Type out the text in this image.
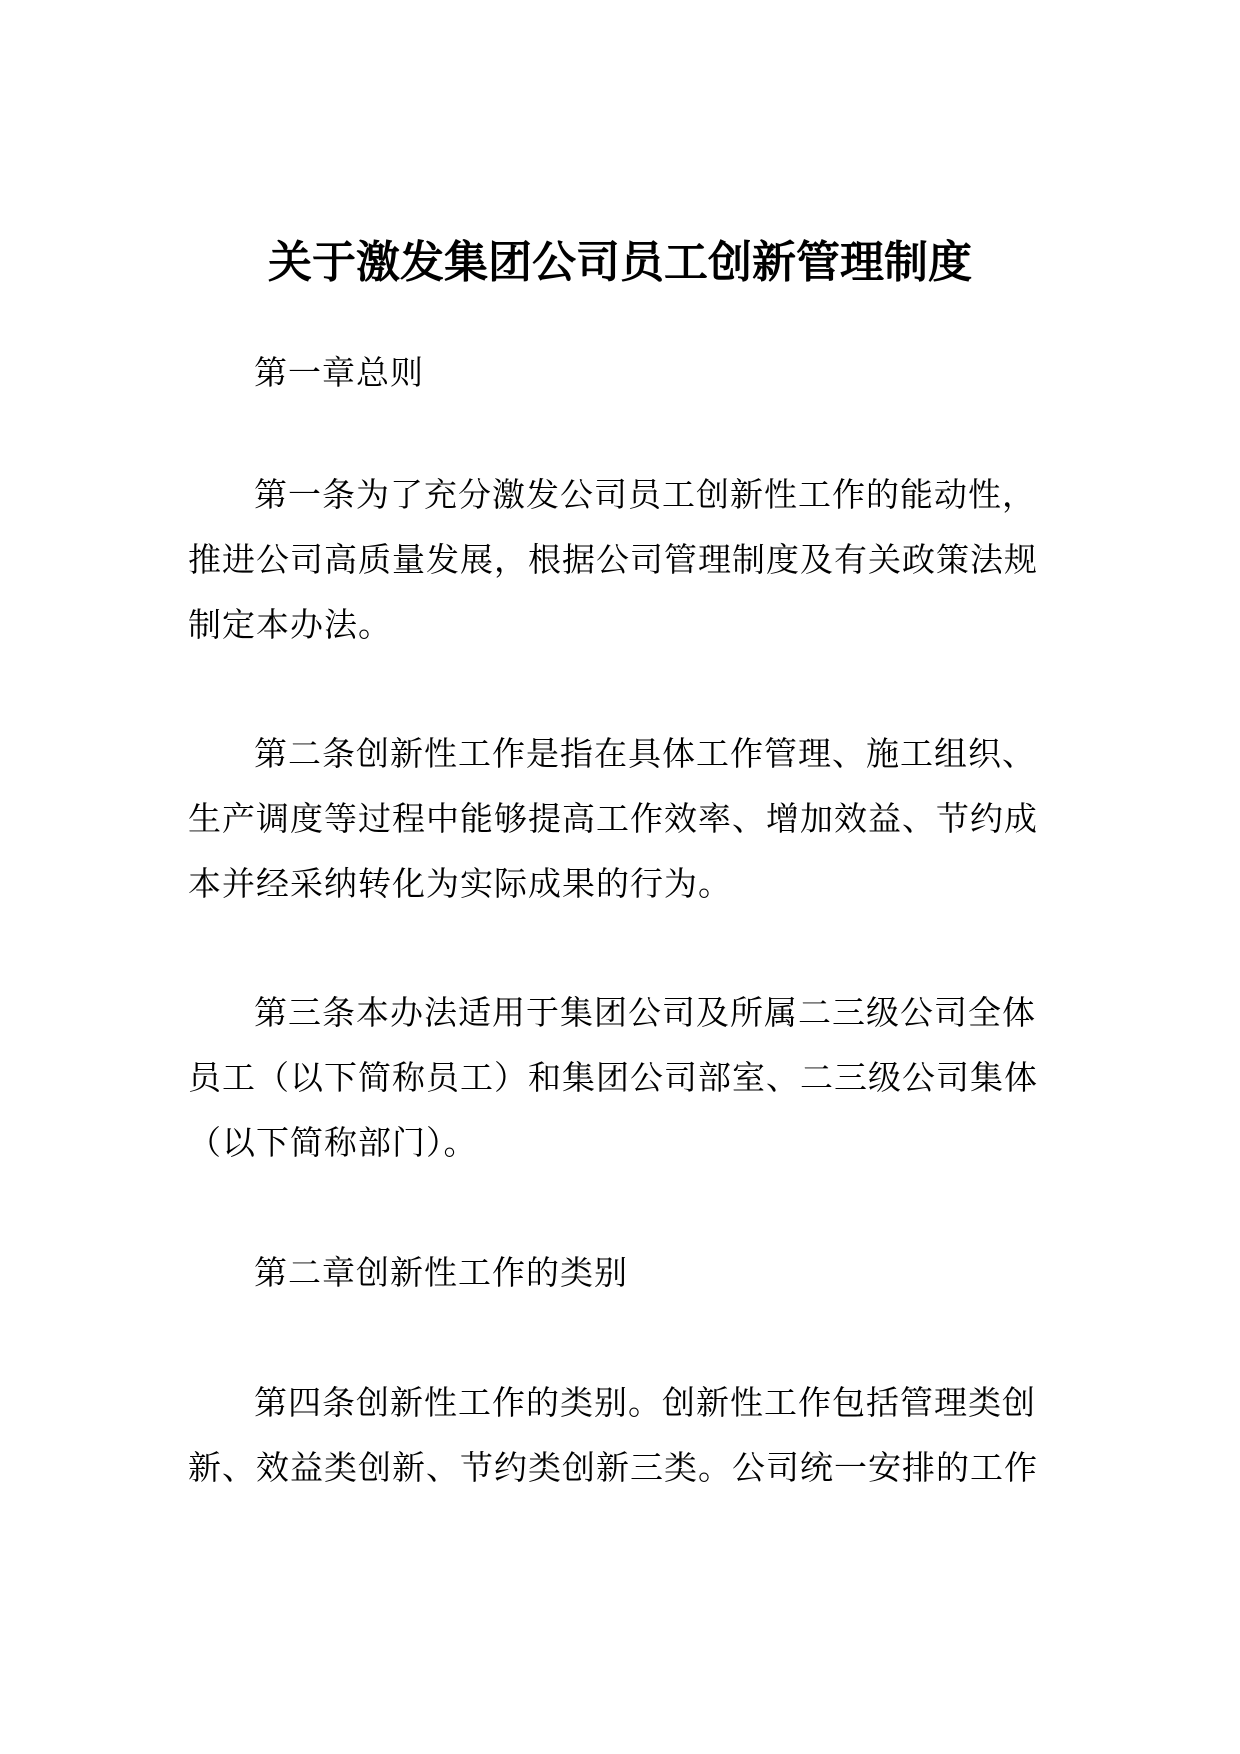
关于激发集团公司员工创新管理制度

第一章总则

第一条为了充分激发公司员工创新性工作的能动性，
推进公司高质量发展，根据公司管理制度及有关政策法规
制定本办法。

第二条创新性工作是指在具体工作管理、施工组织、
生产调度等过程中能够提高工作效率、增加效益、节约成
本并经采纳转化为实际成果的行为。

第三条本办法适用于集团公司及所属二三级公司全体
员工（以下简称员工）和集团公司部室、二三级公司集体
（以下简称部门）。

第二章创新性工作的类别

第四条创新性工作的类别。创新性工作包括管理类创
新、效益类创新、节约类创新三类。公司统一安排的工作
